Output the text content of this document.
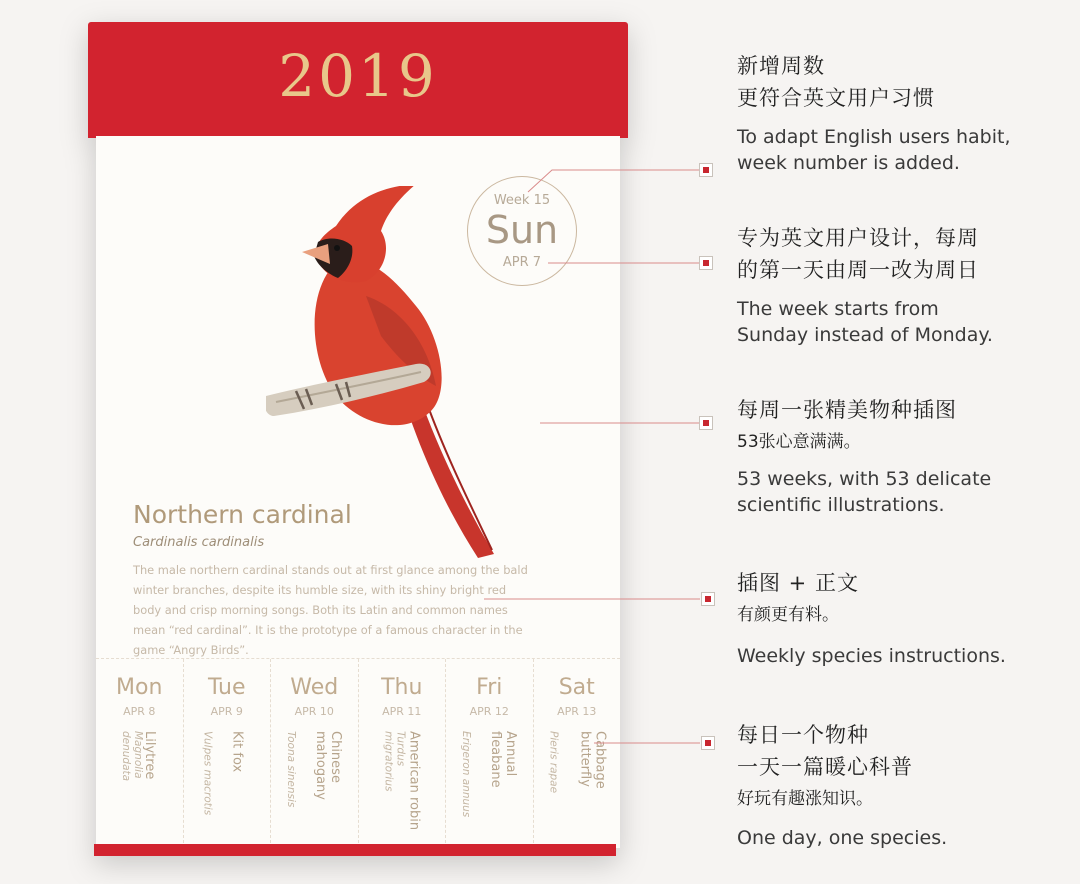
2019
Week 15
Sun
APR 7
Northern cardinal
Cardinalis cardinalis
The male northern cardinal stands out at first glance among the bald winter branches, despite its humble size, with its shiny bright red body and crisp morning songs. Both its Latin and common names mean “red cardinal”. It is the prototype of a famous character in the game “Angry Birds”.
Mon
APR 8
Lilytree
Magnolia denudata
Tue
APR 9
Kit fox
Vulpes macrotis
Wed
APR 10
Chinese mahogany
Toona sinensis
Thu
APR 11
American robin
Turdus migratorius
Fri
APR 12
Annual fleabane
Erigeron annuus
Sat
APR 13
Cabbage butterfly
Pieris rapae
新增周数
更符合英文用户习惯
To adapt English users habit,
week number is added.
专为英文用户设计，每周
的第一天由周一改为周日
The week starts from
Sunday instead of Monday.
每周一张精美物种插图
53张心意满满。
53 weeks, with 53 delicate
scientific illustrations.
插图 + 正文
有颜更有料。
Weekly species instructions.
每日一个物种
一天一篇暖心科普
好玩有趣涨知识。
One day, one species.
